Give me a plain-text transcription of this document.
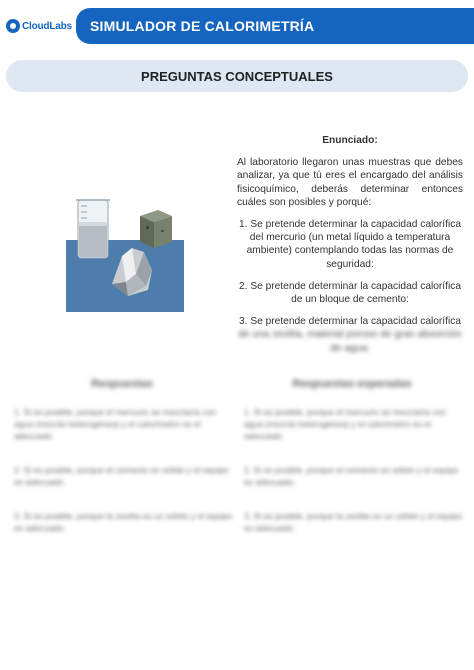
CloudLabs SIMULADOR DE CALORIMETRÍA
PREGUNTAS CONCEPTUALES
Enunciado:

Al laboratorio llegaron unas muestras que debes analizar, ya que tú eres el encargado del análisis fisicoquímico, deberás determinar entonces cuáles son posibles y porqué:

1. Se pretende determinar la capacidad calorífica del mercurio (un metal líquido a temperatura ambiente) contemplando todas las normas de seguridad:

2. Se pretende determinar la capacidad calorífica de un bloque de cemento:

3. Se pretende determinar la capacidad calorífica
de una zeolita, material poroso de gran absorción de agua:
Respuestas	Respuestas esperadas
1. Si es posible, porque el mercurio se mezclaría con agua (mezcla heterogénea) y el calorímetro es el adecuado.
2. Si es posible, porque el cemento es sólido y el equipo es adecuado.
3. Si es posible, porque la zeolita es un sólido y el equipo es adecuado.
1. Si es posible, porque el mercurio se mezclaría con agua (mezcla heterogénea) y el calorímetro es el adecuado.
2. Si es posible, porque el cemento es sólido y el equipo es adecuado.
3. Si es posible, porque la zeolita es un sólido y el equipo es adecuado.
